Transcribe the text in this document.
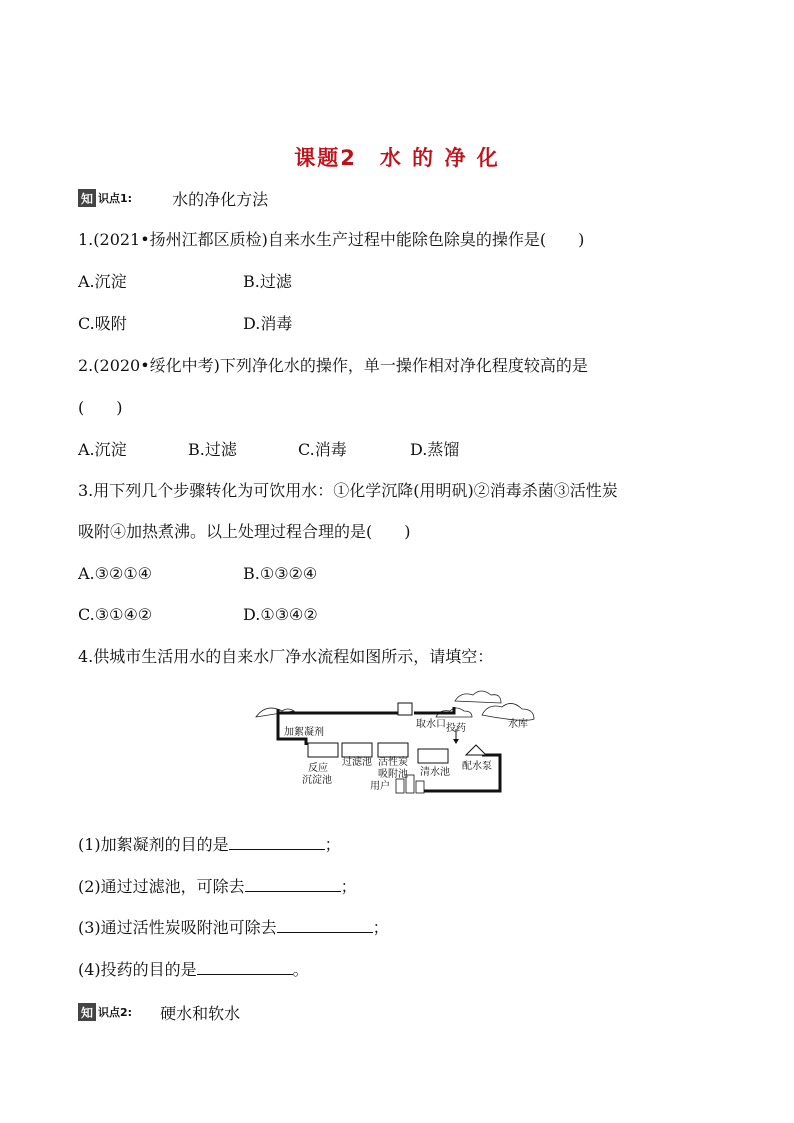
课题2　水 的 净 化
知 识点1:	水的净化方法
1.(2021•扬州江都区质检)自来水生产过程中能除色除臭的操作是(　　)
A.沉淀	B.过滤
C.吸附	D.消毒
2.(2020•绥化中考)下列净化水的操作，单一操作相对净化程度较高的是
(　　)
A.沉淀	B.过滤	C.消毒	D.蒸馏
3.用下列几个步骤转化为可饮用水：①化学沉降(用明矾)②消毒杀菌③活性炭
吸附④加热煮沸。以上处理过程合理的是(　　)
A.③②①④	B.①③②④
C.③①④②	D.①③④②
4.供城市生活用水的自来水厂净水流程如图所示，请填空：
取水口	水库
投药
加絮凝剂
反应
沉淀池
过滤池 活性炭
吸附池 清水池
配水泵
用户
(1)加絮凝剂的目的是	；
(2)通过过滤池，可除去	；
(3)通过活性炭吸附池可除去	；
(4)投药的目的是	。
知 识点2: 硬水和软水
